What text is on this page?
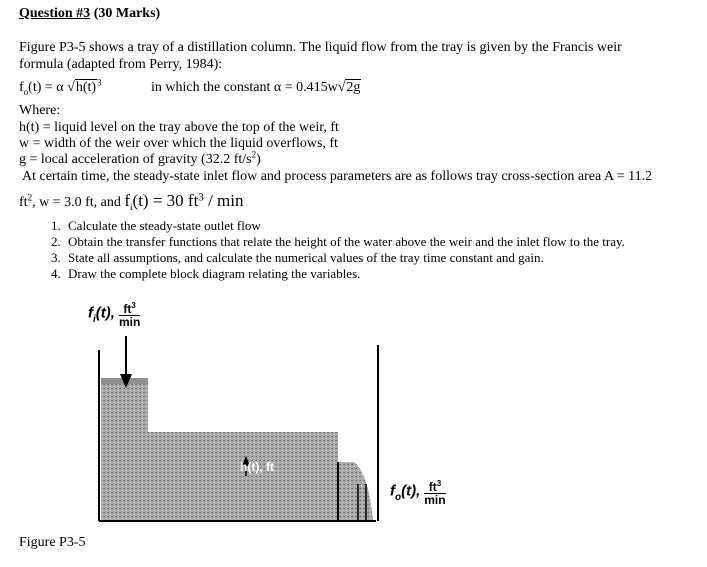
Question #3 (30 Marks)
Figure P3-5 shows a tray of a distillation column. The liquid flow from the tray is given by the Francis weir
formula (adapted from Perry, 1984):
$f_o(t) = \alpha$ $√h(t)^3$	in which the constant α = 0.415w√2g
Where:
h(t) = liquid level on the tray above the top of the weir, ft
w = width of the weir over which the liquid overflows, ft
g = local acceleration of gravity (32.2 $ft/s^2$)
At certain time, the steady-state inlet flow and process parameters are as follows tray cross-section area A = 11.2
$ft^2$, w = 3.0 ft, and $f_i(t) = 30$ $ft^3$ / min
1. Calculate the steady-state outlet flow
2. Obtain the transfer functions that relate the height of the water above the weir and the inlet flow to the tray.
3. State all assumptions, and calculate the numerical values of the tray time constant and gain.
4. Draw the complete block diagram relating the variables.
$f_i(t)$, $\frac{ft^3}{\min}$
h(t), ft
$f_o(t)$, $\frac{ft^3}{\min}$
Figure P3-5
